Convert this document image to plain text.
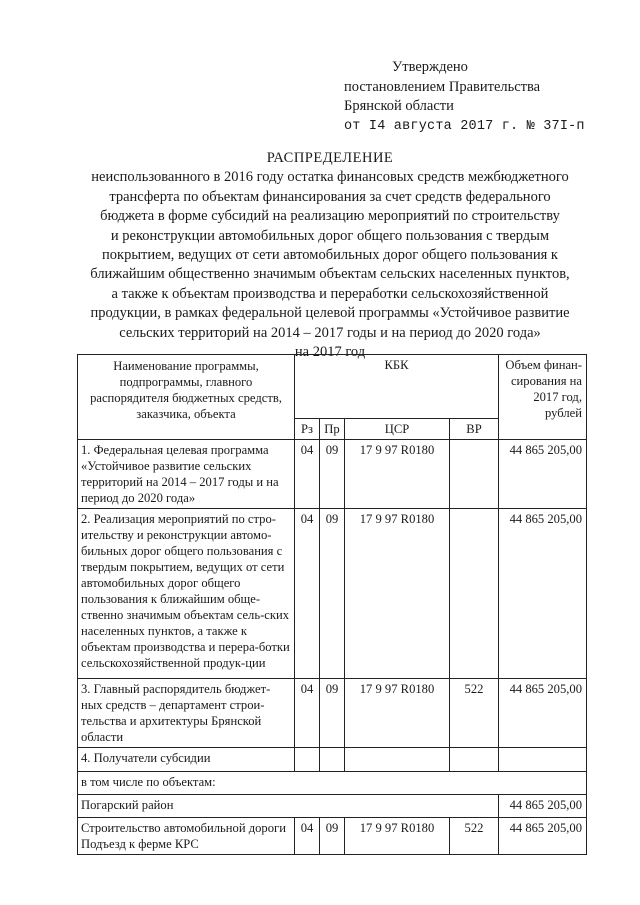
Утверждено
постановлением Правительства
Брянской области
от I4 августа 2017 г. № 37I-п
РАСПРЕДЕЛЕНИЕ
неиспользованного в 2016 году остатка финансовых средств межбюджетного
трансферта по объектам финансирования за счет средств федерального
бюджета в форме субсидий на реализацию мероприятий по строительству
и реконструкции автомобильных дорог общего пользования с твердым
покрытием, ведущих от сети автомобильных дорог общего пользования к
ближайшим общественно значимым объектам сельских населенных пунктов,
а также к объектам производства и переработки сельскохозяйственной
продукции, в рамках федеральной целевой программы «Устойчивое развитие
сельских территорий на 2014 – 2017 годы и на период до 2020 года»
на 2017 год
Наименование программы, подпрограммы, главного распорядителя бюджетных средств, заказчика, объекта	КБК				Объем финан-сирования на 2017 год, рублей
	Рз	Пр	ЦСР	ВР	
1. Федеральная целевая программа «Устойчивое развитие сельских территорий на 2014 – 2017 годы и на период до 2020 года»	04	09	17 9 97 R0180		44 865 205,00
2. Реализация мероприятий по стро-ительству и реконструкции автомо-бильных дорог общего пользования с твердым покрытием, ведущих от сети автомобильных дорог общего пользования к ближайшим обще-ственно значимым объектам сель-ских населенных пунктов, а также к объектам производства и перера-ботки сельскохозяйственной продук-ции	04	09	17 9 97 R0180		44 865 205,00
3. Главный распорядитель бюджет-ных средств – департамент строи-тельства и архитектуры Брянской области	04	09	17 9 97 R0180	522	44 865 205,00
4. Получатели субсидии					
в том числе по объектам:					
Погарский район					44 865 205,00
Строительство автомобильной дороги Подъезд к ферме КРС	04	09	17 9 97 R0180	522	44 865 205,00
